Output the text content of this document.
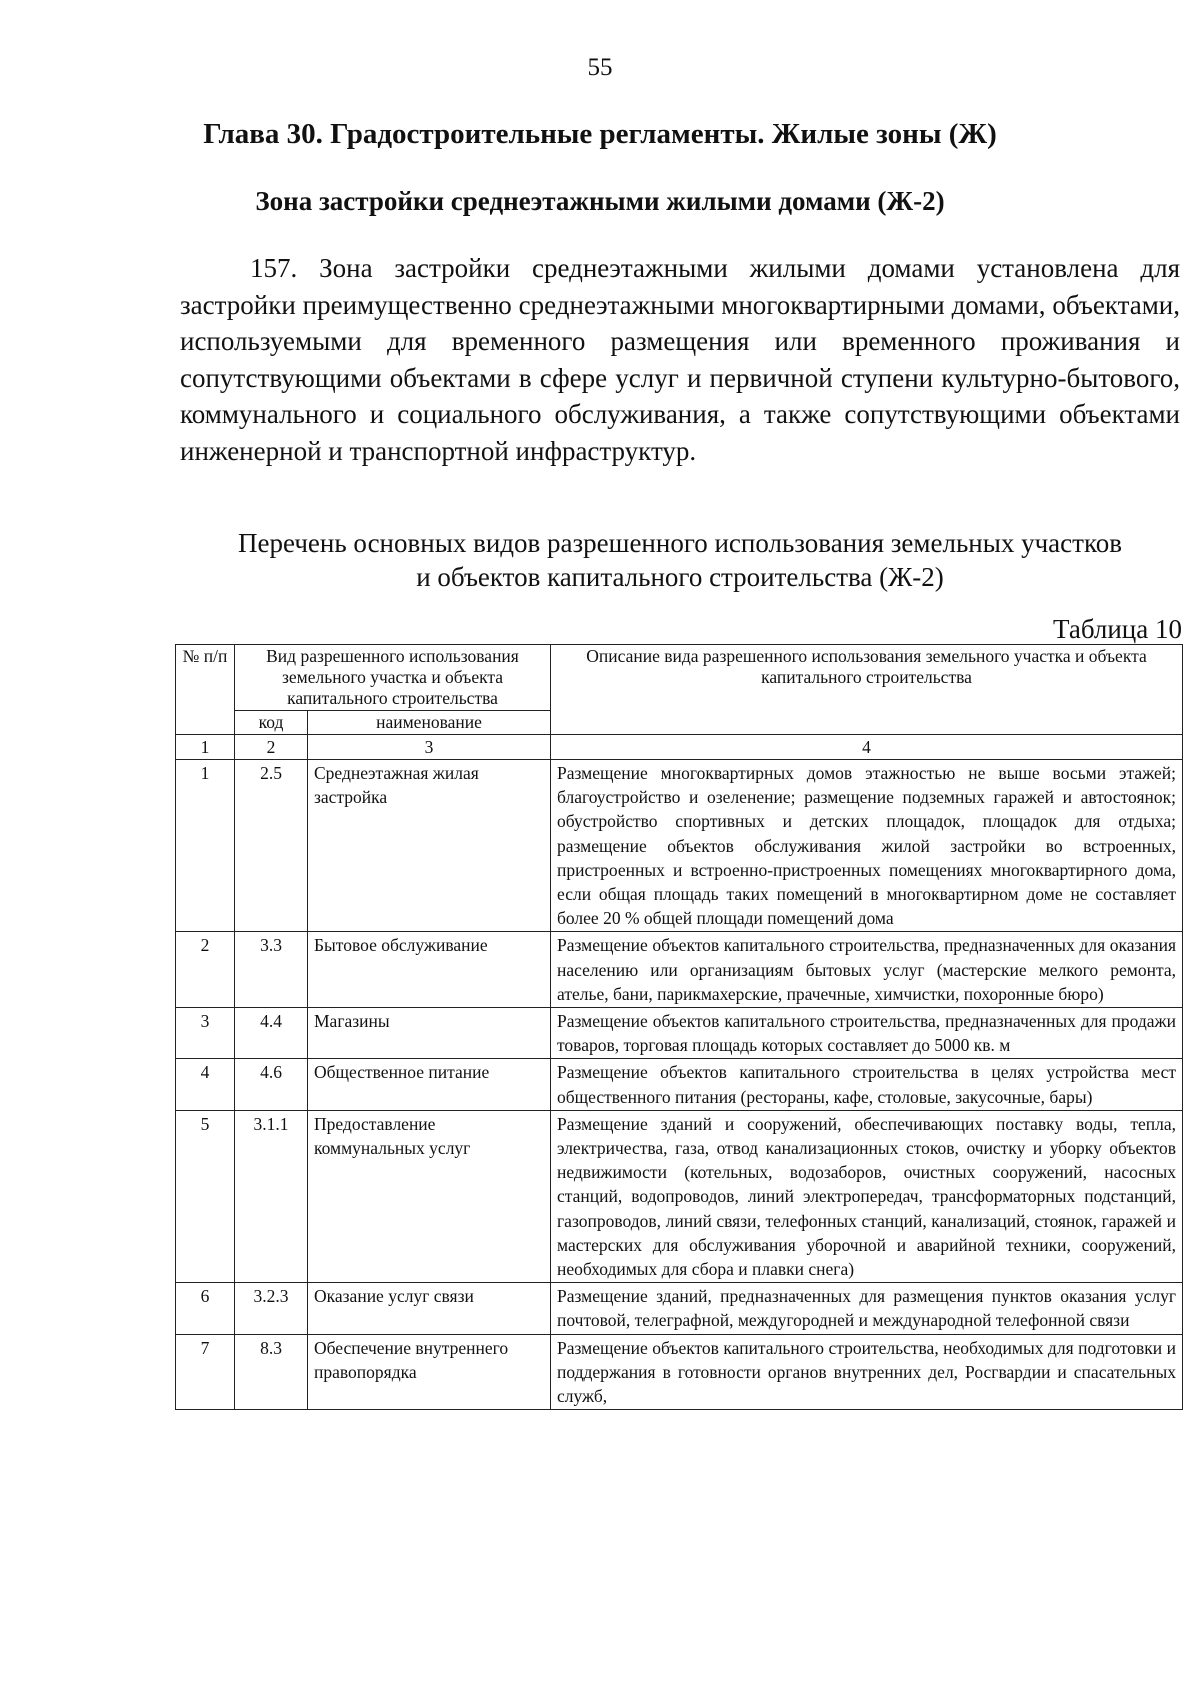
55
Глава 30. Градостроительные регламенты. Жилые зоны (Ж)
Зона застройки среднеэтажными жилыми домами (Ж-2)

157. Зона застройки среднеэтажными жилыми домами установлена для застройки преимущественно среднеэтажными многоквартирными домами, объектами, используемыми для временного размещения или временного проживания и сопутствующими объектами в сфере услуг и первичной ступени культурно-бытового, коммунального и социального обслуживания, а также сопутствующими объектами инженерной и транспортной инфраструктур.

Перечень основных видов разрешенного использования земельных участков
и объектов капитального строительства (Ж-2)

Таблица 10
№ п/п	Вид разрешенного использования земельного участка и объекта капитального строительства		Описание вида разрешенного использования земельного участка и объекта капитального строительства
	код	наименование	
1	2	3	4
1	2.5	Среднеэтажная жилая застройка	Размещение многоквартирных домов этажностью не выше восьми этажей; благоустройство и озеленение; размещение подземных гаражей и автостоянок; обустройство спортивных и детских площадок, площадок для отдыха; размещение объектов обслуживания жилой застройки во встроенных, пристроенных и встроенно-пристроенных помещениях многоквартирного дома, если общая площадь таких помещений в многоквартирном доме не составляет более 20 % общей площади помещений дома
2	3.3	Бытовое обслуживание	Размещение объектов капитального строительства, предназначенных для оказания населению или организациям бытовых услуг (мастерские мелкого ремонта, ателье, бани, парикмахерские, прачечные, химчистки, похоронные бюро)
3	4.4	Магазины	Размещение объектов капитального строительства, предназначенных для продажи товаров, торговая площадь которых составляет до 5000 кв. м
4	4.6	Общественное питание	Размещение объектов капитального строительства в целях устройства мест общественного питания (рестораны, кафе, столовые, закусочные, бары)
5	3.1.1	Предоставление коммунальных услуг	Размещение зданий и сооружений, обеспечивающих поставку воды, тепла, электричества, газа, отвод канализационных стоков, очистку и уборку объектов недвижимости (котельных, водозаборов, очистных сооружений, насосных станций, водопроводов, линий электропередач, трансформаторных подстанций, газопроводов, линий связи, телефонных станций, канализаций, стоянок, гаражей и мастерских для обслуживания уборочной и аварийной техники, сооружений, необходимых для сбора и плавки снега)
6	3.2.3	Оказание услуг связи	Размещение зданий, предназначенных для размещения пунктов оказания услуг почтовой, телеграфной, междугородней и международной телефонной связи
7	8.3	Обеспечение внутреннего правопорядка	Размещение объектов капитального строительства, необходимых для подготовки и поддержания в готовности органов внутренних дел, Росгвардии и спасательных служб,
